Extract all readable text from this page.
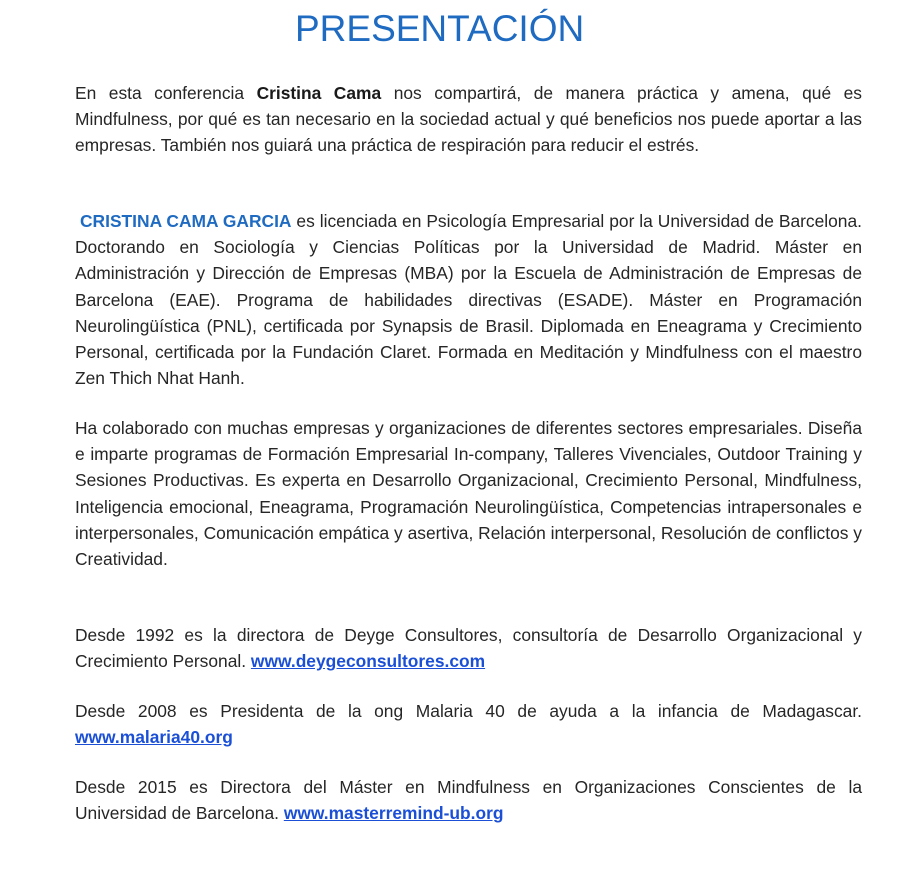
PRESENTACIÓN

En esta conferencia Cristina Cama nos compartirá, de manera práctica y amena, qué es Mindfulness, por qué es tan necesario en la sociedad actual y qué beneficios nos puede aportar a las empresas. También nos guiará una práctica de respiración para reducir el estrés.

CRISTINA CAMA GARCIA es licenciada en Psicología Empresarial por la Universidad de Barcelona. Doctorando en Sociología y Ciencias Políticas por la Universidad de Madrid. Máster en Administración y Dirección de Empresas (MBA) por la Escuela de Administración de Empresas de Barcelona (EAE). Programa de habilidades directivas (ESADE). Máster en Programación Neurolingüística (PNL), certificada por Synapsis de Brasil. Diplomada en Eneagrama y Crecimiento Personal, certificada por la Fundación Claret. Formada en Meditación y Mindfulness con el maestro Zen Thich Nhat Hanh.

Ha colaborado con muchas empresas y organizaciones de diferentes sectores empresariales. Diseña e imparte programas de Formación Empresarial In-company, Talleres Vivenciales, Outdoor Training y Sesiones Productivas. Es experta en Desarrollo Organizacional, Crecimiento Personal, Mindfulness, Inteligencia emocional, Eneagrama, Programación Neurolingüística, Competencias intrapersonales e interpersonales, Comunicación empática y asertiva, Relación interpersonal, Resolución de conflictos y Creatividad.

Desde 1992 es la directora de Deyge Consultores, consultoría de Desarrollo Organizacional y Crecimiento Personal. www.deygeconsultores.com

Desde 2008 es Presidenta de la ong Malaria 40 de ayuda a la infancia de Madagascar. www.malaria40.org

Desde 2015 es Directora del Máster en Mindfulness en Organizaciones Conscientes de la Universidad de Barcelona. www.masterremind-ub.org
